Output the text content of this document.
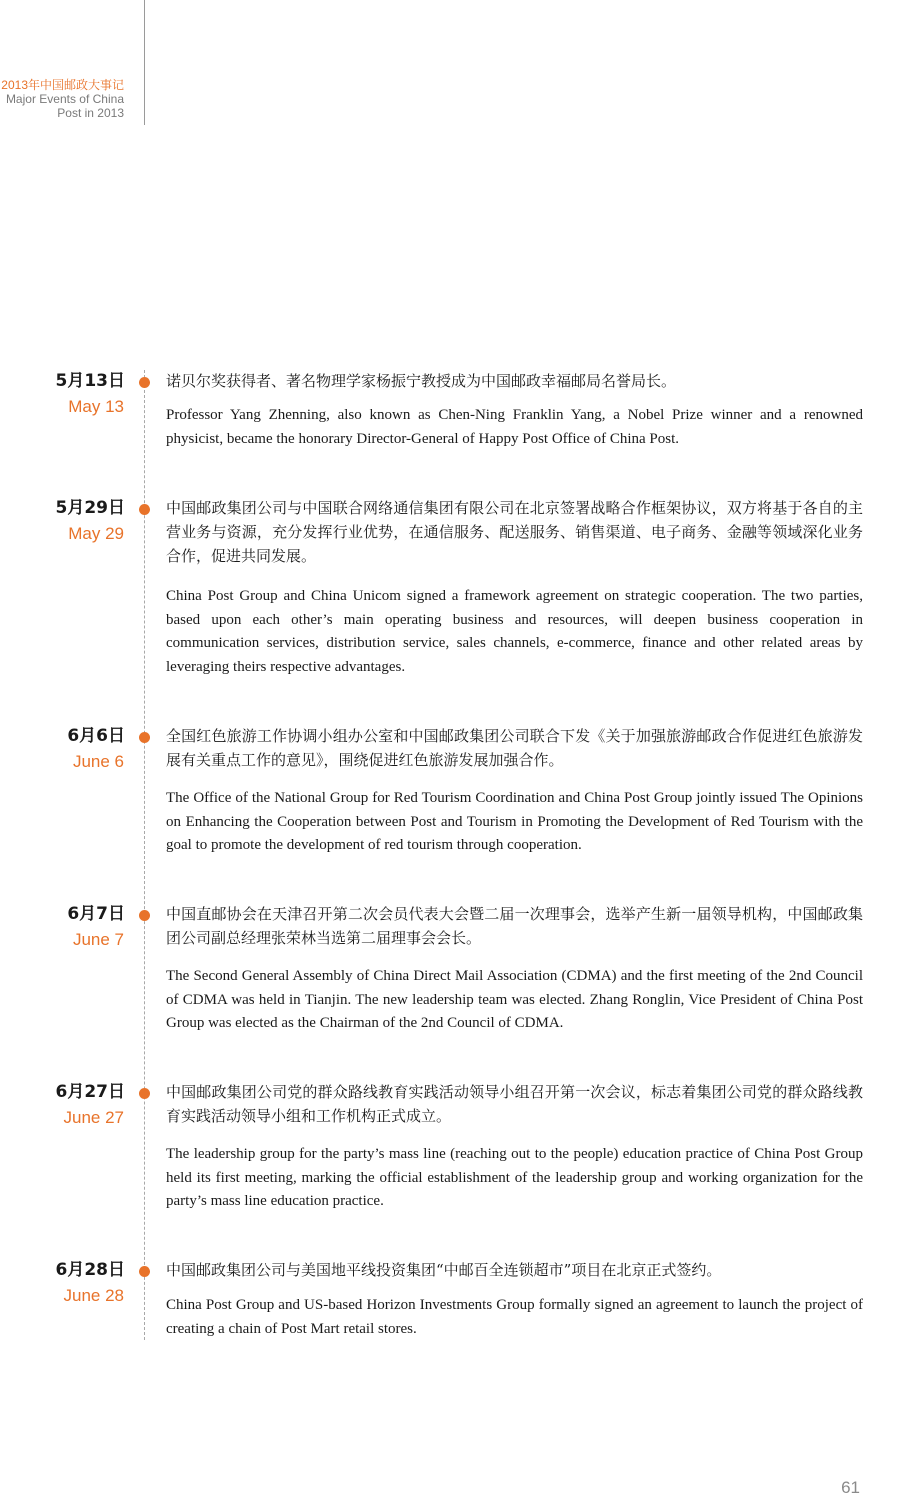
2013年中国邮政大事记
Major Events of China
Post in 2013
5月13日
May 13

诺贝尔奖获得者、著名物理学家杨振宁教授成为中国邮政幸福邮局名誉局长。

Professor Yang Zhenning, also known as Chen-Ning Franklin Yang, a Nobel Prize winner and a renowned physicist, became the honorary Director-General of Happy Post Office of China Post.

5月29日
May 29

中国邮政集团公司与中国联合网络通信集团有限公司在北京签署战略合作框架协议，双方将基于各自的主营业务与资源，充分发挥行业优势，在通信服务、配送服务、销售渠道、电子商务、金融等领域深化业务合作，促进共同发展。

China Post Group and China Unicom signed a framework agreement on strategic cooperation. The two parties, based upon each other’s main operating business and resources, will deepen business cooperation in communication services, distribution service, sales channels, e-commerce, finance and other related areas by leveraging theirs respective advantages.

6月6日
June 6

全国红色旅游工作协调小组办公室和中国邮政集团公司联合下发《关于加强旅游邮政合作促进红色旅游发展有关重点工作的意见》，围绕促进红色旅游发展加强合作。

The Office of the National Group for Red Tourism Coordination and China Post Group jointly issued The Opinions on Enhancing the Cooperation between Post and Tourism in Promoting the Development of Red Tourism with the goal to promote the development of red tourism through cooperation.

6月7日
June 7

中国直邮协会在天津召开第二次会员代表大会暨二届一次理事会，选举产生新一届领导机构，中国邮政集团公司副总经理张荣林当选第二届理事会会长。

The Second General Assembly of China Direct Mail Association (CDMA) and the first meeting of the 2nd Council of CDMA was held in Tianjin. The new leadership team was elected. Zhang Ronglin, Vice President of China Post Group was elected as the Chairman of the 2nd Council of CDMA.

6月27日
June 27

中国邮政集团公司党的群众路线教育实践活动领导小组召开第一次会议，标志着集团公司党的群众路线教育实践活动领导小组和工作机构正式成立。

The leadership group for the party’s mass line (reaching out to the people) education practice of China Post Group held its first meeting, marking the official establishment of the leadership group and working organization for the party’s mass line education practice.

6月28日
June 28

中国邮政集团公司与美国地平线投资集团“中邮百全连锁超市”项目在北京正式签约。

China Post Group and US-based Horizon Investments Group formally signed an agreement to launch the project of creating a chain of Post Mart retail stores.

61
